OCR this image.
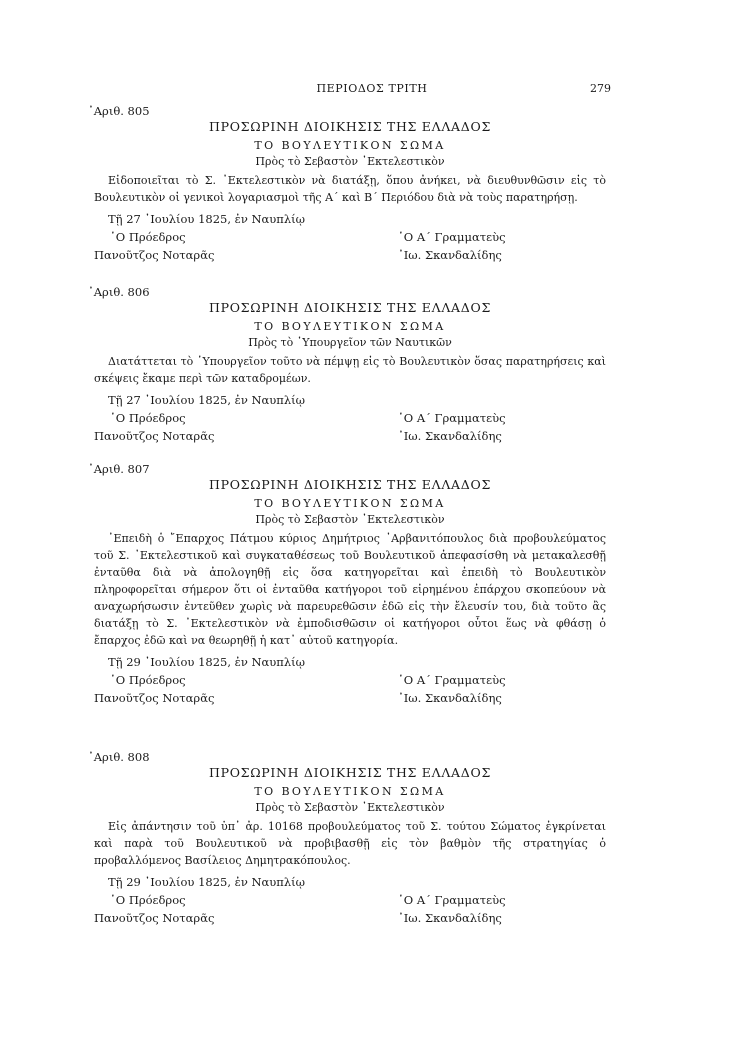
ΠΕΡΙΟΔΟΣ ΤΡΙΤΗ	279
᾽Αριθ. 805
ΠΡΟΣΩΡΙΝΗ ΔΙΟΙΚΗΣΙΣ ΤΗΣ ΕΛΛΑΔΟΣ
ΤΟ ΒΟΥΛΕΥΤΙΚΟΝ ΣΩΜΑ
Πρὸς τὸ Σεβαστὸν ᾽Εκτελεστικὸν

Εἰδοποιεῖται τὸ Σ. ᾽Εκτελεστικὸν νὰ διατάξῃ, ὅπου ἀνήκει, νὰ διευθυνθῶσιν εἰς τὸ Βουλευτικὸν οἱ γενικοὶ λογαριασμοὶ τῆς Α΄ καὶ Β΄ Περιόδου διὰ νὰ τοὺς παρατηρήσῃ.

Τῇ 27 ᾽Ιουλίου 1825, ἐν Ναυπλίῳ
῾Ο Πρόεδρος
Πανοῦτζος Νοταρᾶς
῾Ο Α΄ Γραμματεὺς
᾽Ιω. Σκανδαλίδης
᾽Αριθ. 806
ΠΡΟΣΩΡΙΝΗ ΔΙΟΙΚΗΣΙΣ ΤΗΣ ΕΛΛΑΔΟΣ
ΤΟ ΒΟΥΛΕΥΤΙΚΟΝ ΣΩΜΑ
Πρὸς τὸ ῾Υπουργεῖον τῶν Ναυτικῶν

Διατάττεται τὸ ῾Υπουργεῖον τοῦτο νὰ πέμψῃ εἰς τὸ Βουλευτικὸν ὅσας παρατηρήσεις καὶ σκέψεις ἔκαμε περὶ τῶν καταδρομέων.

Τῇ 27 ᾽Ιουλίου 1825, ἐν Ναυπλίῳ
῾Ο Πρόεδρος
Πανοῦτζος Νοταρᾶς
῾Ο Α΄ Γραμματεὺς
᾽Ιω. Σκανδαλίδης
᾽Αριθ. 807
ΠΡΟΣΩΡΙΝΗ ΔΙΟΙΚΗΣΙΣ ΤΗΣ ΕΛΛΑΔΟΣ
ΤΟ ΒΟΥΛΕΥΤΙΚΟΝ ΣΩΜΑ
Πρὸς τὸ Σεβαστὸν ᾽Εκτελεστικὸν

᾽Επειδὴ ὁ ῎Επαρχος Πάτμου κύριος Δημήτριος ᾽Αρβανιτόπουλος διὰ προβουλεύματος τοῦ Σ. ᾽Εκτελεστικοῦ καὶ συγκαταθέσεως τοῦ Βουλευτικοῦ ἀπεφασίσθη νὰ μετακαλεσθῇ ἐνταῦθα διὰ νὰ ἀπολογηθῇ εἰς ὅσα κατηγορεῖται καὶ ἐπειδὴ τὸ Βουλευτικὸν πληροφορεῖται σήμερον ὅτι οἱ ἐνταῦθα κατήγοροι τοῦ εἰρημένου ἐπάρχου σκοπεύουν νὰ αναχωρήσωσιν ἐντεῦθεν χωρὶς νὰ παρευρεθῶσιν ἐδῶ εἰς τὴν ἔλευσίν του, διὰ τοῦτο ἂς διατάξῃ τὸ Σ. ᾽Εκτελεστικὸν νὰ ἐμποδισθῶσιν οἱ κατήγοροι οὗτοι ἕως νὰ φθάσῃ ὁ ἔπαρχος ἐδῶ καὶ να θεωρηθῇ ἡ κατ᾽ αὐτοῦ κατηγορία.

Τῇ 29 ᾽Ιουλίου 1825, ἐν Ναυπλίῳ
῾Ο Πρόεδρος
Πανοῦτζος Νοταρᾶς
῾Ο Α΄ Γραμματεὺς
᾽Ιω. Σκανδαλίδης
᾽Αριθ. 808
ΠΡΟΣΩΡΙΝΗ ΔΙΟΙΚΗΣΙΣ ΤΗΣ ΕΛΛΑΔΟΣ
ΤΟ ΒΟΥΛΕΥΤΙΚΟΝ ΣΩΜΑ
Πρὸς τὸ Σεβαστὸν ᾽Εκτελεστικὸν

Εἰς ἀπάντησιν τοῦ ὑπ᾽ ἀρ. 10168 προβουλεύματος τοῦ Σ. τούτου Σώματος ἐγκρίνεται καὶ παρὰ τοῦ Βουλευτικοῦ νὰ προβιβασθῇ εἰς τὸν βαθμὸν τῆς στρατηγίας ὁ προβαλλόμενος Βασίλειος Δημητρακόπουλος.

Τῇ 29 ᾽Ιουλίου 1825, ἐν Ναυπλίῳ
῾Ο Πρόεδρος
Πανοῦτζος Νοταρᾶς
῾Ο Α΄ Γραμματεὺς
᾽Ιω. Σκανδαλίδης
